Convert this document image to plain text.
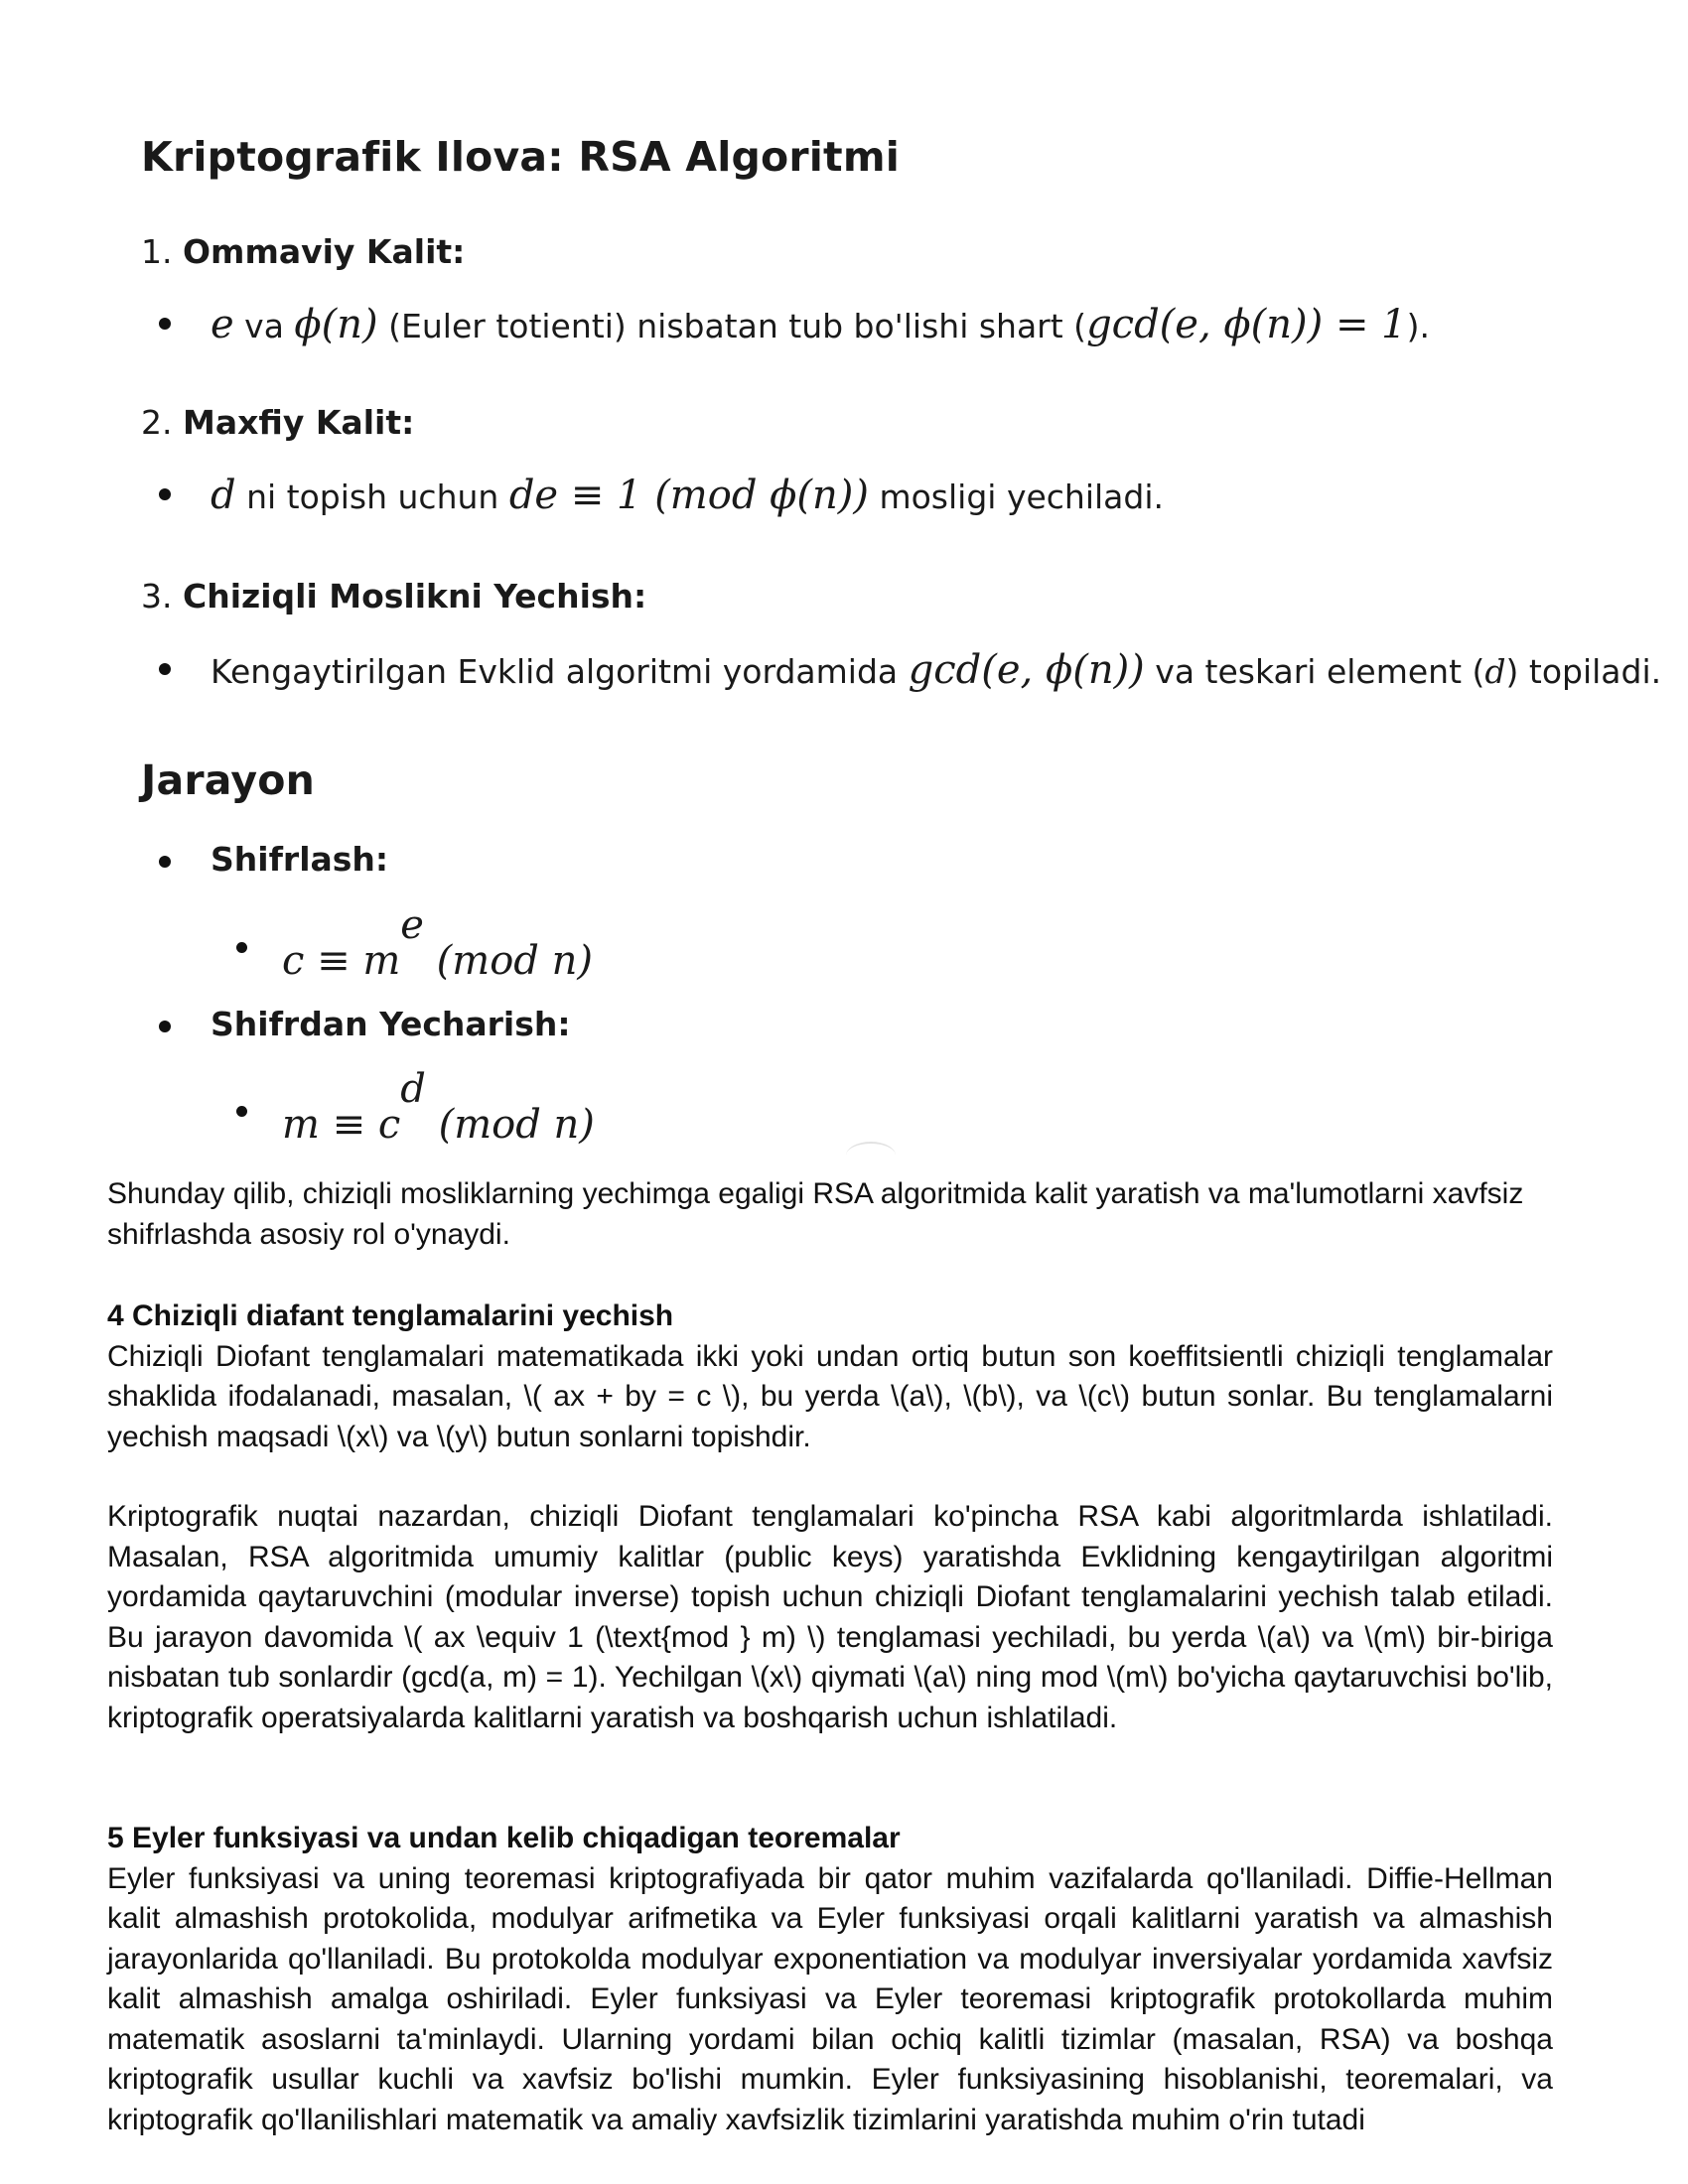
Kriptografik Ilova: RSA Algoritmi
1. Ommaviy Kalit:
e va ϕ(n) (Euler totienti) nisbatan tub bo'lishi shart (gcd(e, ϕ(n)) = 1).
2. Maxfiy Kalit:
d ni topish uchun de ≡ 1 (mod ϕ(n)) mosligi yechiladi.
3. Chiziqli Moslikni Yechish:
Kengaytirilgan Evklid algoritmi yordamida gcd(e, ϕ(n)) va teskari element (d) topiladi.
Jarayon
Shifrlash:
$c \equiv m^e$ (mod n)
Shifrdan Yecharish:
$m \equiv c^d$ (mod n)
Shunday qilib, chiziqli mosliklarning yechimga egaligi RSA algoritmida kalit yaratish va ma'lumotlarni xavfsiz shifrlashda asosiy rol o'ynaydi.
4 Chiziqli diafant tenglamalarini yechish
Chiziqli Diofant tenglamalari matematikada ikki yoki undan ortiq butun son koeffitsientli chiziqli tenglamalar shaklida ifodalanadi, masalan, \( ax + by = c \), bu yerda \(a\), \(b\), va \(c\) butun sonlar. Bu tenglamalarni yechish maqsadi \(x\) va \(y\) butun sonlarni topishdir.
Kriptografik nuqtai nazardan, chiziqli Diofant tenglamalari ko'pincha RSA kabi algoritmlarda ishlatiladi. Masalan, RSA algoritmida umumiy kalitlar (public keys) yaratishda Evklidning kengaytirilgan algoritmi yordamida qaytaruvchini (modular inverse) topish uchun chiziqli Diofant tenglamalarini yechish talab etiladi. Bu jarayon davomida \( ax \equiv 1 (\text{mod } m) \) tenglamasi yechiladi, bu yerda \(a\) va \(m\) bir-biriga nisbatan tub sonlardir (gcd(a, m) = 1). Yechilgan \(x\) qiymati \(a\) ning mod \(m\) bo'yicha qaytaruvchisi bo'lib, kriptografik operatsiyalarda kalitlarni yaratish va boshqarish uchun ishlatiladi.
5 Eyler funksiyasi va undan kelib chiqadigan teoremalar
Eyler funksiyasi va uning teoremasi kriptografiyada bir qator muhim vazifalarda qo'llaniladi. Diffie-Hellman kalit almashish protokolida, modulyar arifmetika va Eyler funksiyasi orqali kalitlarni yaratish va almashish jarayonlarida qo'llaniladi. Bu protokolda modulyar exponentiation va modulyar inversiyalar yordamida xavfsiz kalit almashish amalga oshiriladi. Eyler funksiyasi va Eyler teoremasi kriptografik protokollarda muhim matematik asoslarni ta'minlaydi. Ularning yordami bilan ochiq kalitli tizimlar (masalan, RSA) va boshqa kriptografik usullar kuchli va xavfsiz bo'lishi mumkin. Eyler funksiyasining hisoblanishi, teoremalari, va kriptografik qo'llanilishlari matematik va amaliy xavfsizlik tizimlarini yaratishda muhim o'rin tutadi
